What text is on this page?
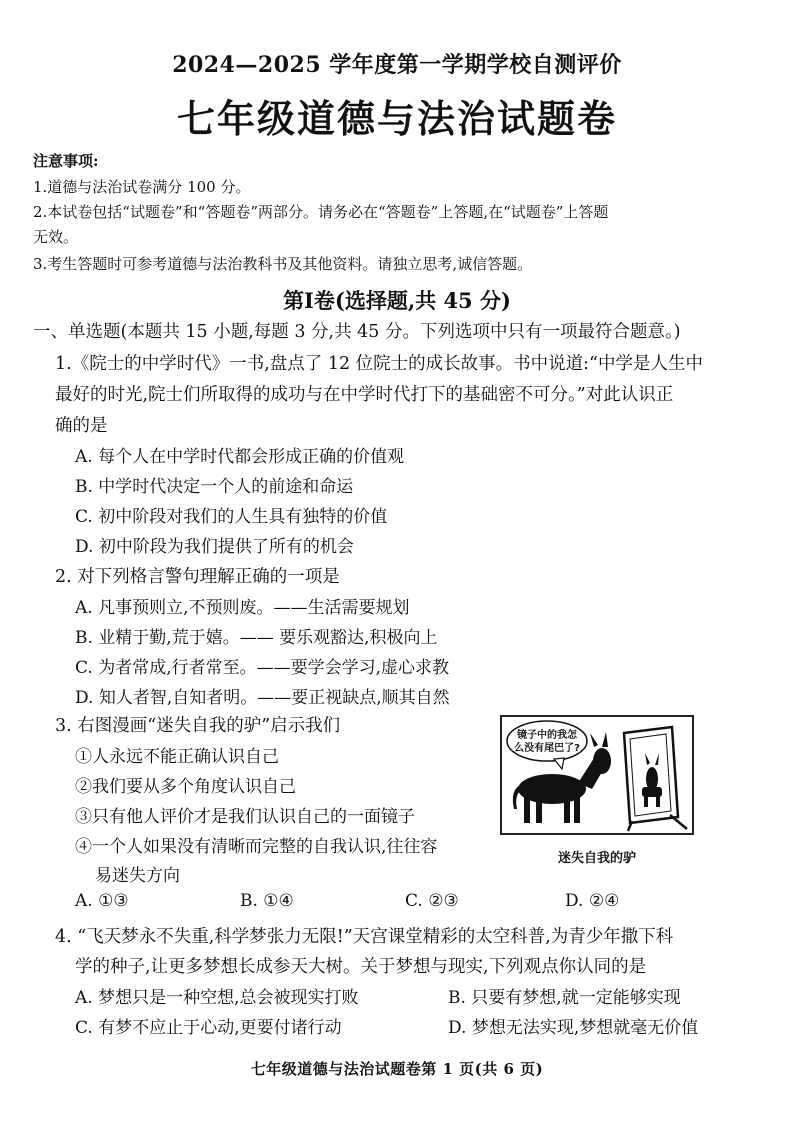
2024—2025 学年度第一学期学校自测评价
七年级道德与法治试题卷
注意事项:
1.道德与法治试卷满分 100 分。
2.本试卷包括“试题卷”和“答题卷”两部分。请务必在“答题卷”上答题,在“试题卷”上答题
无效。
3.考生答题时可参考道德与法治教科书及其他资料。请独立思考,诚信答题。
第Ⅰ卷(选择题,共 45 分)
一、单选题(本题共 15 小题,每题 3 分,共 45 分。下列选项中只有一项最符合题意。)
1.《院士的中学时代》一书,盘点了 12 位院士的成长故事。书中说道:“中学是人生中
最好的时光,院士们所取得的成功与在中学时代打下的基础密不可分。”对此认识正
确的是
A. 每个人在中学时代都会形成正确的价值观
B. 中学时代决定一个人的前途和命运
C. 初中阶段对我们的人生具有独特的价值
D. 初中阶段为我们提供了所有的机会
2. 对下列格言警句理解正确的一项是
A. 凡事预则立,不预则废。——生活需要规划
B. 业精于勤,荒于嬉。—— 要乐观豁达,积极向上
C. 为者常成,行者常至。——要学会学习,虚心求教
D. 知人者智,自知者明。——要正视缺点,顺其自然
3. 右图漫画“迷失自我的驴”启示我们
①人永远不能正确认识自己
②我们要从多个角度认识自己
③只有他人评价才是我们认识自己的一面镜子
④一个人如果没有清晰而完整的自我认识,往往容
易迷失方向
A. ①③	B. ①④	C. ②③	D. ②④
镜子中的我怎
么没有尾巴了?
迷失自我的驴
4. “飞天梦永不失重,科学梦张力无限!”天宫课堂精彩的太空科普,为青少年撒下科
学的种子,让更多梦想长成参天大树。关于梦想与现实,下列观点你认同的是
A. 梦想只是一种空想,总会被现实打败	B. 只要有梦想,就一定能够实现
C. 有梦不应止于心动,更要付诸行动	D. 梦想无法实现,梦想就毫无价值
七年级道德与法治试题卷第 1 页(共 6 页)
